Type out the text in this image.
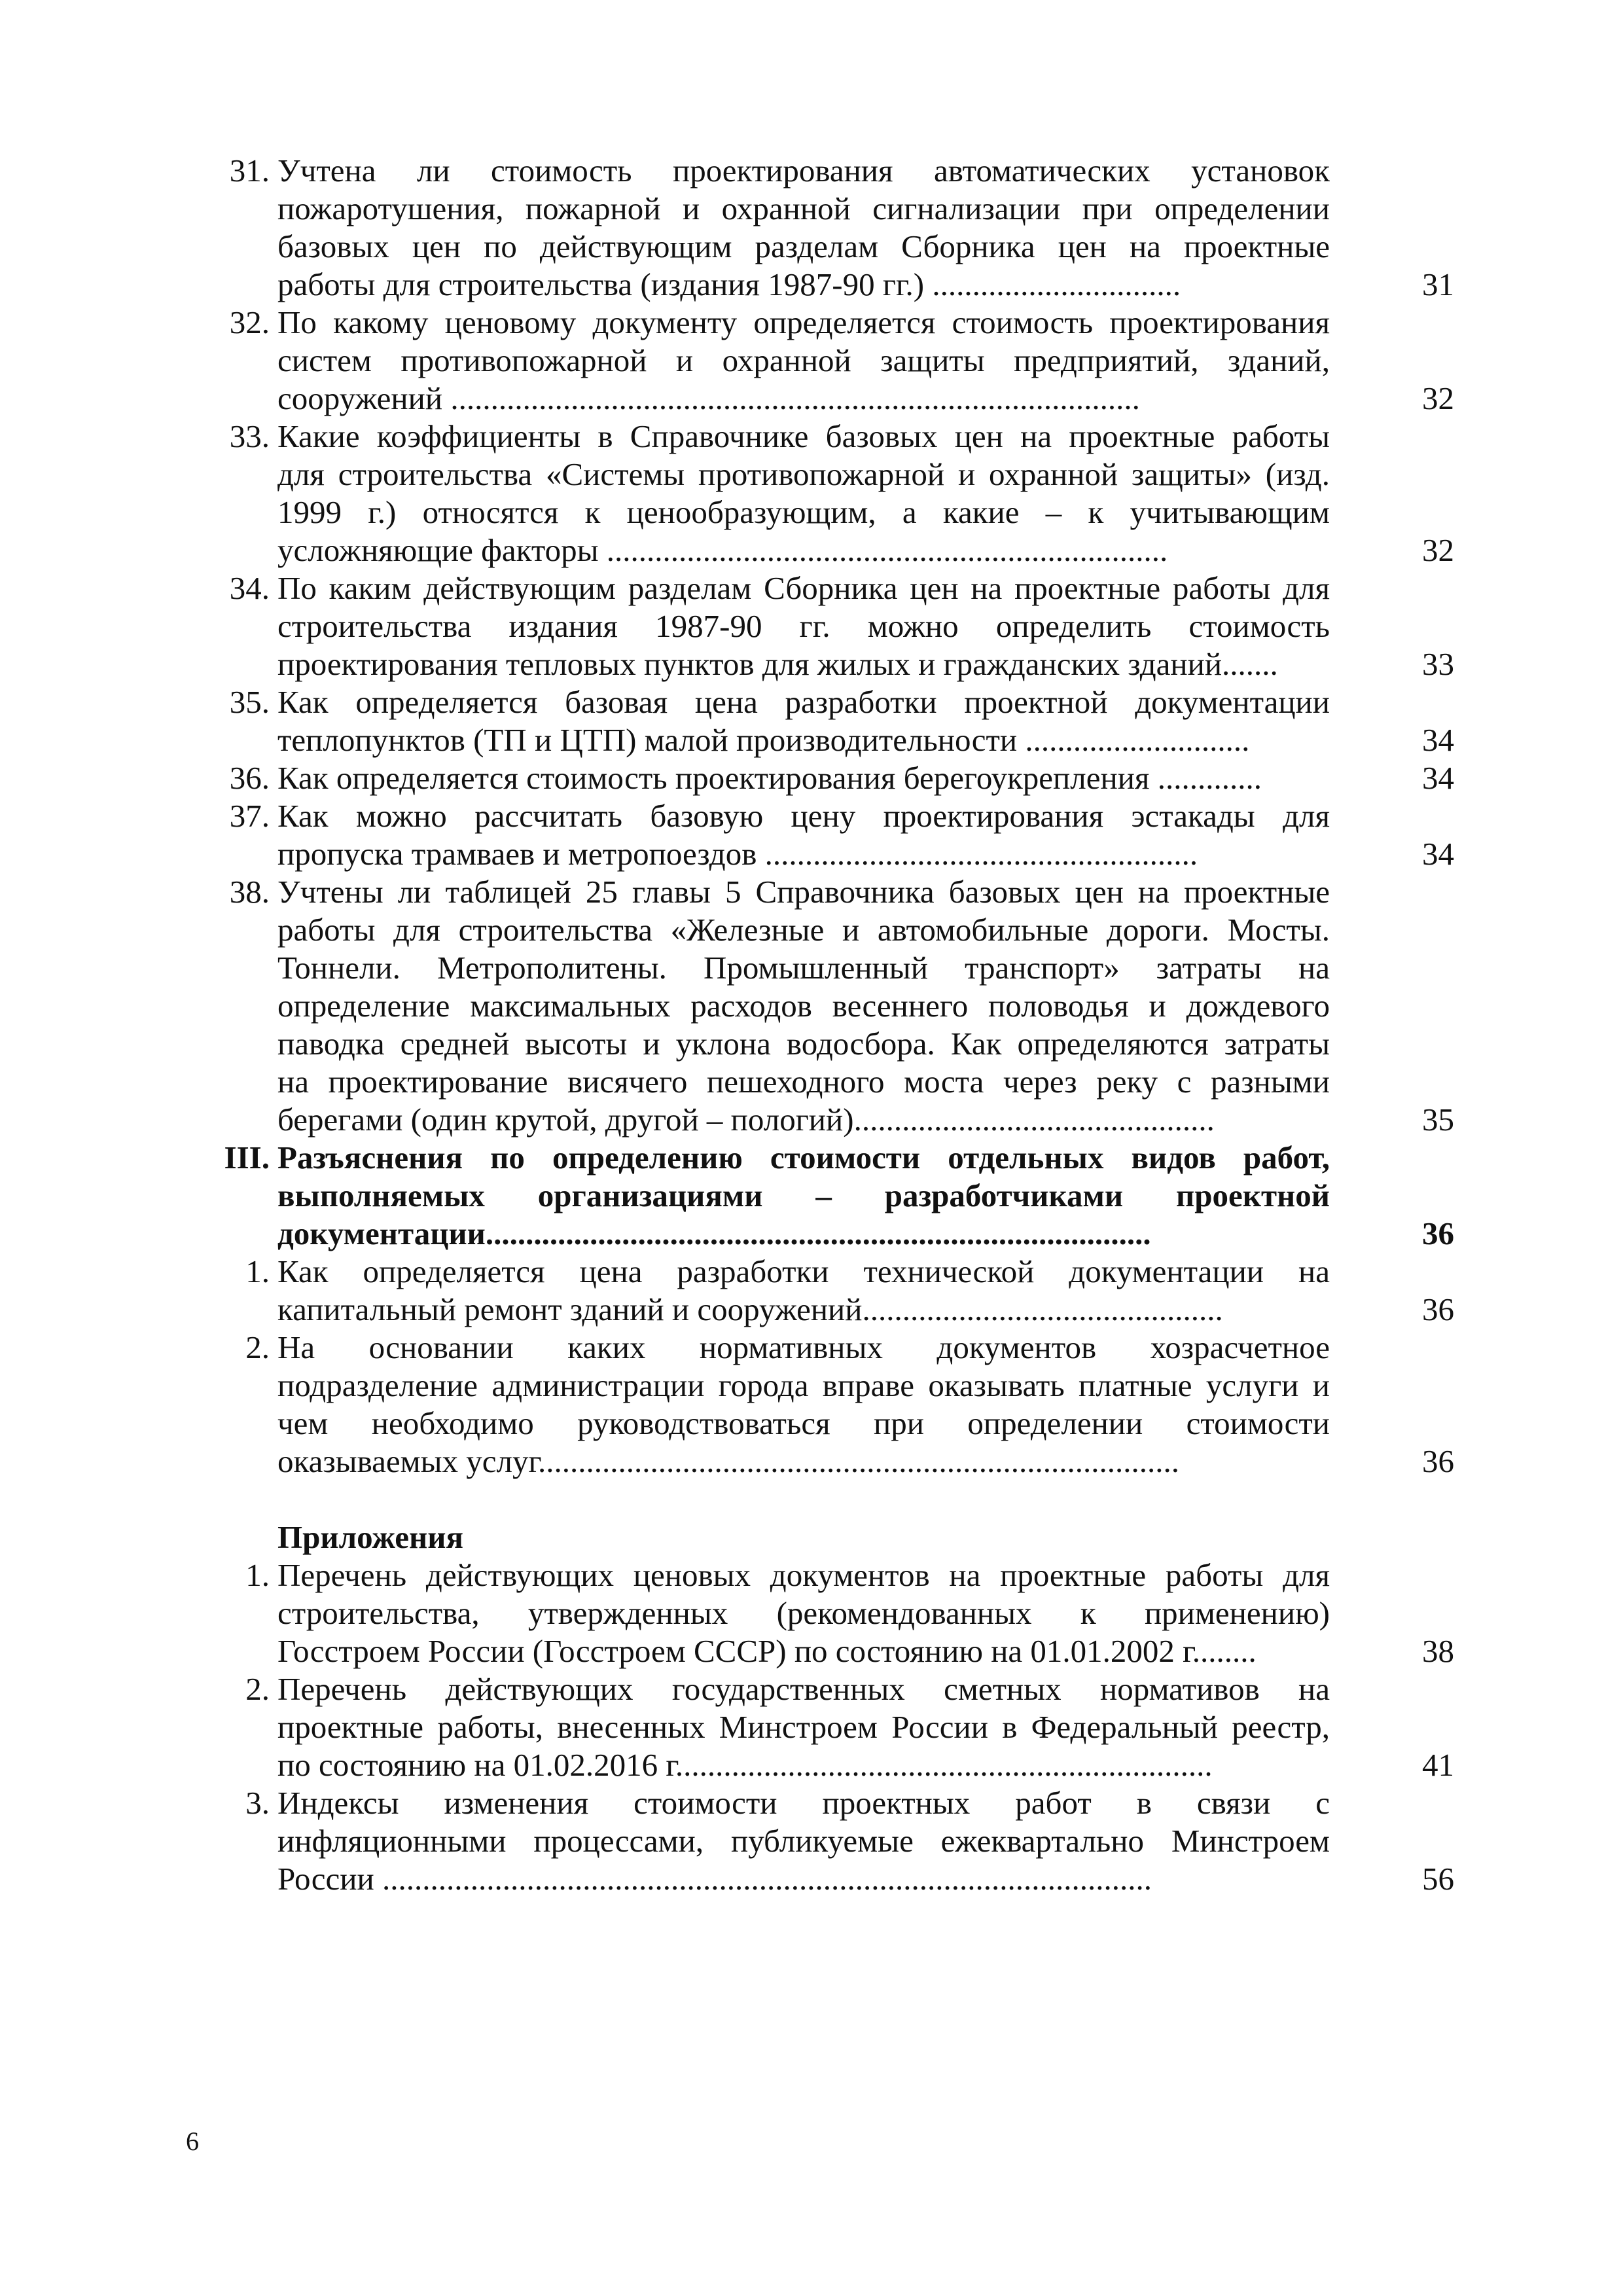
31. Учтена ли стоимость проектирования автоматических установок
пожаротушения, пожарной и охранной сигнализации при определении
базовых цен по действующим разделам Сборника цен на проектные
работы для строительства (издания 1987-90 гг.) ...............................	31
32. По какому ценовому документу определяется стоимость проектирования
систем противопожарной и охранной защиты предприятий, зданий,
сооружений ......................................................................................	32
33. Какие коэффициенты в Справочнике базовых цен на проектные работы
для строительства «Системы противопожарной и охранной защиты» (изд.
1999 г.) относятся к ценообразующим, а какие – к учитывающим
усложняющие факторы ......................................................................	32
34. По каким действующим разделам Сборника цен на проектные работы для
строительства издания 1987-90 гг. можно определить стоимость
проектирования тепловых пунктов для жилых и гражданских зданий.......	33
35. Как определяется базовая цена разработки проектной документации
теплопунктов (ТП и ЦТП) малой производительности ............................	34
36. Как определяется стоимость проектирования берегоукрепления .............	34
37. Как можно рассчитать базовую цену проектирования эстакады для
пропуска трамваев и метропоездов ......................................................	34
38. Учтены ли таблицей 25 главы 5 Справочника базовых цен на проектные
работы для строительства «Железные и автомобильные дороги. Мосты.
Тоннели. Метрополитены. Промышленный транспорт» затраты на
определение максимальных расходов весеннего половодья и дождевого
паводка средней высоты и уклона водосбора. Как определяются затраты
на проектирование висячего пешеходного моста через реку с разными
берегами (один крутой, другой – пологий).............................................	35
III. Разъяснения по определению стоимости отдельных видов работ,
выполняемых организациями – разработчиками проектной
документации...................................................................................	36
1. Как определяется цена разработки технической документации на
капитальный ремонт зданий и сооружений.............................................	36
2. На основании каких нормативных документов хозрасчетное
подразделение администрации города вправе оказывать платные услуги и
чем необходимо руководствоваться при определении стоимости
оказываемых услуг................................................................................	36
Приложения
1. Перечень действующих ценовых документов на проектные работы для
строительства, утвержденных (рекомендованных к применению)
Госстроем России (Госстроем СССР) по состоянию на 01.01.2002 г........	38
2. Перечень действующих государственных сметных нормативов на
проектные работы, внесенных Минстроем России в Федеральный реестр,
по состоянию на 01.02.2016 г...................................................................	41
3. Индексы изменения стоимости проектных работ в связи с
инфляционными процессами, публикуемые ежеквартально Минстроем
России ................................................................................................	56
6
